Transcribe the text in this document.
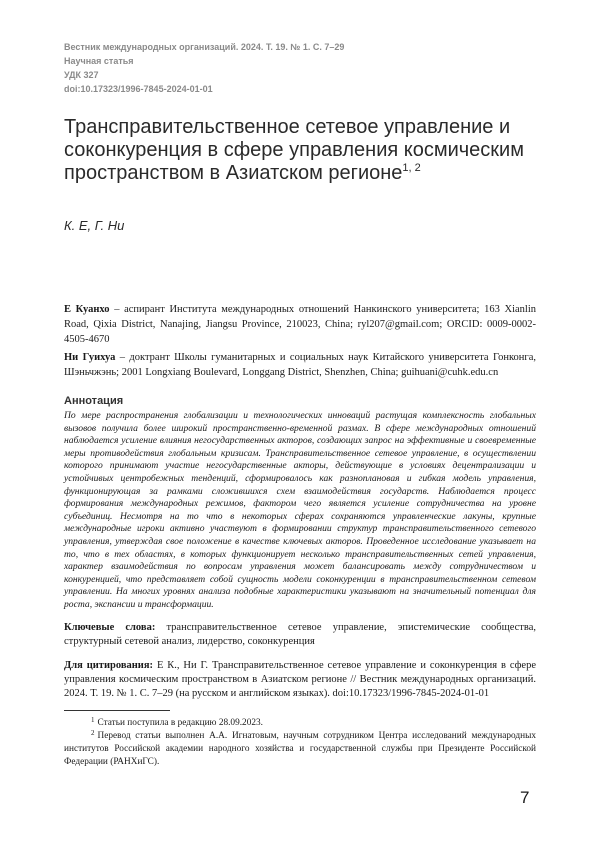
Вестник международных организаций. 2024. Т. 19. № 1. С. 7–29
Научная статья
УДК 327
doi:10.17323/1996-7845-2024-01-01
Трансправительственное сетевое управление и соконкуренция в сфере управления космическим пространством в Азиатском регионе$^{1, 2}$
К. Е, Г. Ни
Е Куанхо – аспирант Института международных отношений Нанкинского университета; 163 Xianlin Road, Qixia District, Nanajing, Jiangsu Province, 210023, China; ryl207@gmail.com; ORCID: 0009-0002-4505-4670
Ни Гуихуа – доктрант Школы гуманитарных и социальных наук Китайского университета Гонконга, Шэньчжэнь; 2001 Longxiang Boulevard, Longgang District, Shenzhen, China; guihuani@cuhk.edu.cn
Аннотация
По мере распространения глобализации и технологических инноваций растущая комплексность глобальных вызовов получила более широкий пространственно-временной размах. В сфере международных отношений наблюдается усиление влияния негосударственных акторов, создающих запрос на эффективные и своевременные меры противодействия глобальным кризисам. Трансправительственное сетевое управление, в осуществлении которого принимают участие негосударственные акторы, действующие в условиях децентрализации и устойчивых центробежных тенденций, сформировалось как разноплановая и гибкая модель управления, функционирующая за рамками сложившихся схем взаимодействия государств. Наблюдается процесс формирования международных режимов, фактором чего является усиление сотрудничества на уровне субъединиц. Несмотря на то что в некоторых сферах сохраняются управленческие лакуны, крупные международные игроки активно участвуют в формировании структур трансправительственного сетевого управления, утверждая свое положение в качестве ключевых акторов. Проведенное исследование указывает на то, что в тех областях, в которых функционирует несколько трансправительственных сетей управления, характер взаимодействия по вопросам управления может балансировать между сотрудничеством и конкуренцией, что представляет собой сущность модели соконкуренции в трансправительственном сетевом управлении. На многих уровнях анализа подобные характеристики указывают на значительный потенциал для роста, экспансии и трансформации.
Ключевые слова: трансправительственное сетевое управление, эпистемические сообщества, структурный сетевой анализ, лидерство, соконкуренция
Для цитирования: Е К., Ни Г. Трансправительственное сетевое управление и соконкуренция в сфере управления космическим пространством в Азиатском регионе // Вестник международных организаций. 2024. Т. 19. № 1. С. 7–29 (на русском и английском языках). doi:10.17323/1996-7845-2024-01-01
$^1$ Статьи поступила в редакцию 28.09.2023.
$^2$ Перевод статьи выполнен А.А. Игнатовым, научным сотрудником Центра исследований международных институтов Российской академии народного хозяйства и государственной службы при Президенте Российской Федерации (РАНХиГС).
7
